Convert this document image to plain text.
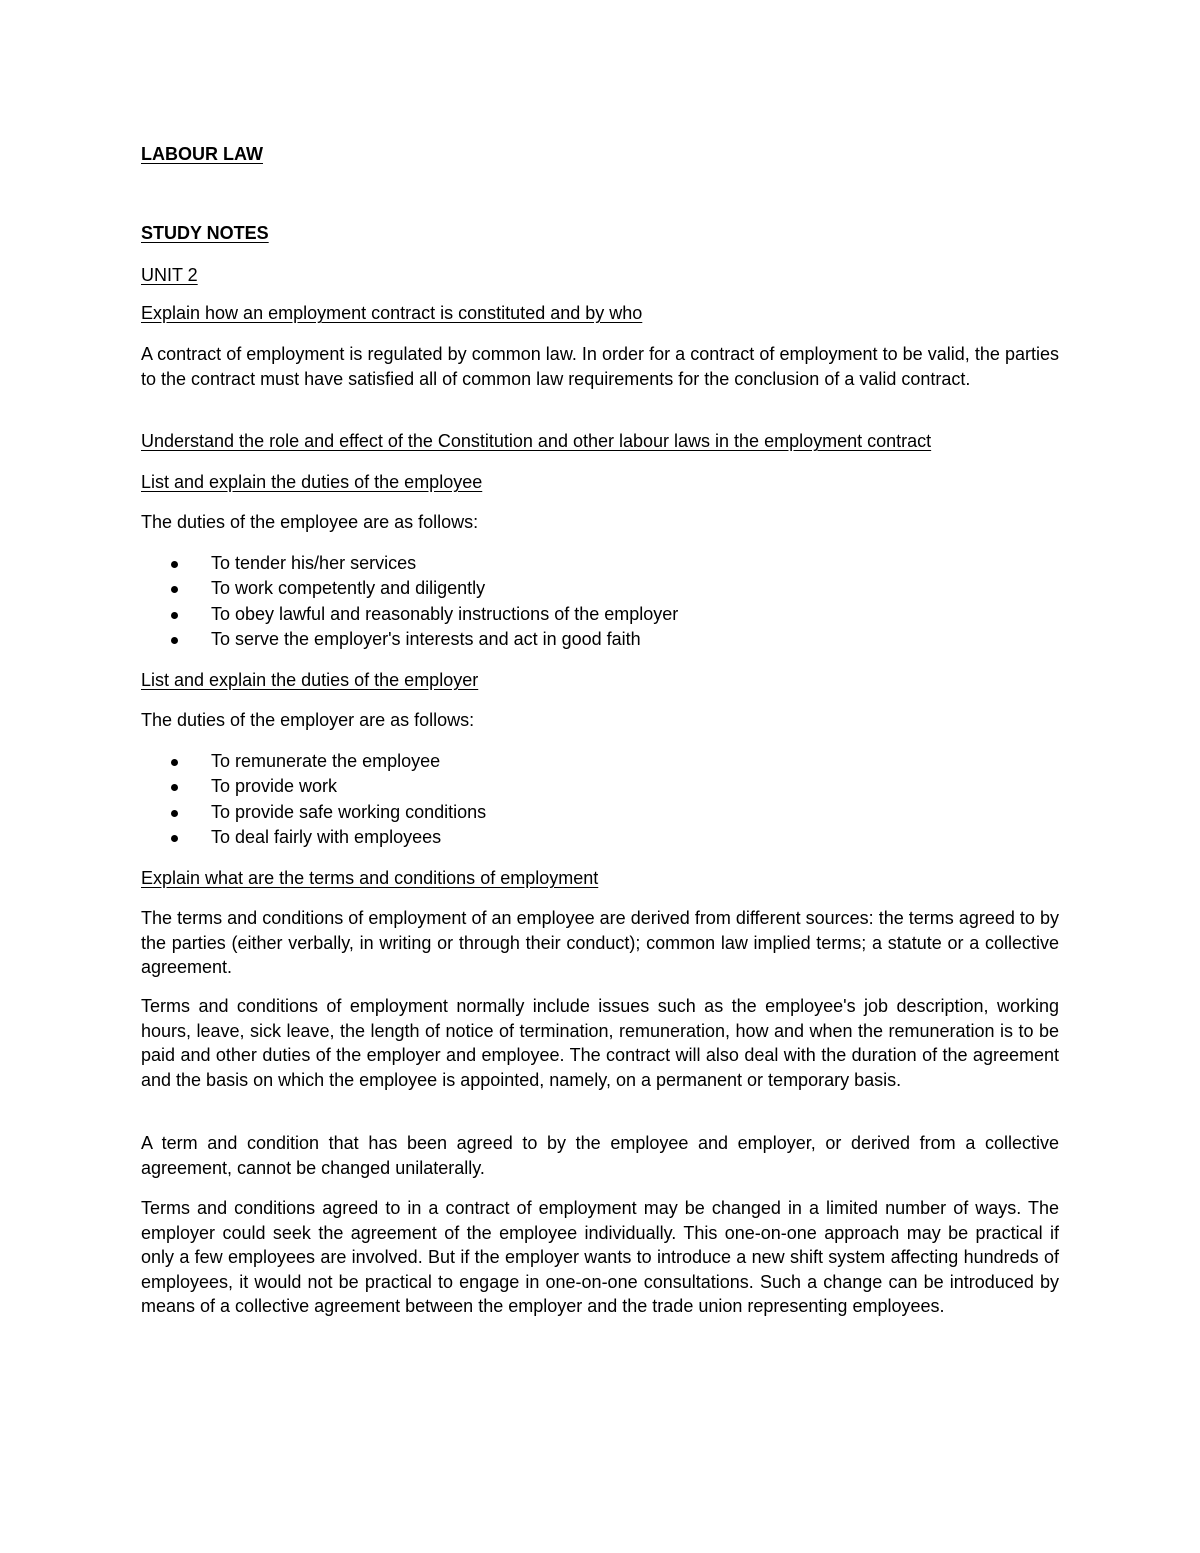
LABOUR LAW
STUDY NOTES
UNIT 2
Explain how an employment contract is constituted and by who
A contract of employment is regulated by common law. In order for a contract of employment to be valid, the parties to the contract must have satisfied all of common law requirements for the conclusion of a valid contract.
Understand the role and effect of the Constitution and other labour laws in the employment contract
List and explain the duties of the employee
The duties of the employee are as follows:
To tender his/her services
To work competently and diligently
To obey lawful and reasonably instructions of the employer
To serve the employer's interests and act in good faith
List and explain the duties of the employer
The duties of the employer are as follows:
To remunerate the employee
To provide work
To provide safe working conditions
To deal fairly with employees
Explain what are the terms and conditions of employment
The terms and conditions of employment of an employee are derived from different sources: the terms agreed to by the parties (either verbally, in writing or through their conduct); common law implied terms; a statute or a collective agreement.
Terms and conditions of employment normally include issues such as the employee's job description, working hours, leave, sick leave, the length of notice of termination, remuneration, how and when the remuneration is to be paid and other duties of the employer and employee. The contract will also deal with the duration of the agreement and the basis on which the employee is appointed, namely, on a permanent or temporary basis.
A term and condition that has been agreed to by the employee and employer, or derived from a collective agreement, cannot be changed unilaterally.
Terms and conditions agreed to in a contract of employment may be changed in a limited number of ways. The employer could seek the agreement of the employee individually. This one-on-one approach may be practical if only a few employees are involved. But if the employer wants to introduce a new shift system affecting hundreds of employees, it would not be practical to engage in one-on-one consultations. Such a change can be introduced by means of a collective agreement between the employer and the trade union representing employees.
